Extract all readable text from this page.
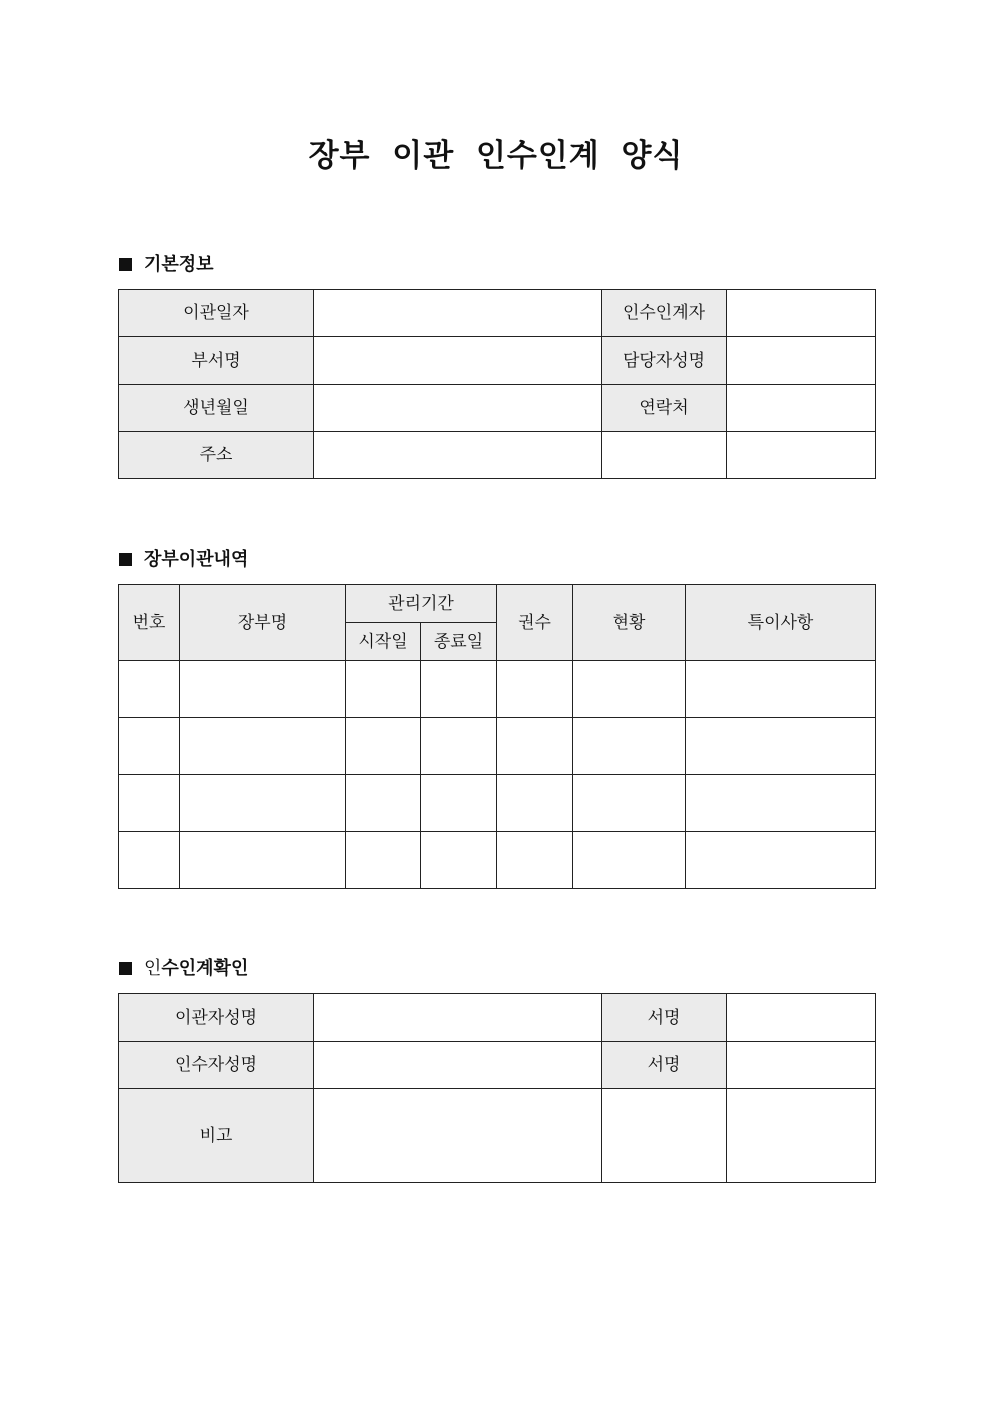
장부 이관 인수인계 양식
기본정보
이관일자		인수인계자	
부서명		담당자성명	
생년월일		연락처	
주소			
장부이관내역
번호	장부명	관리기간		권수	현황	특이사항
		시작일	종료일			

인수인계확인
이관자성명		서명	
인수자성명		서명	
비고			
